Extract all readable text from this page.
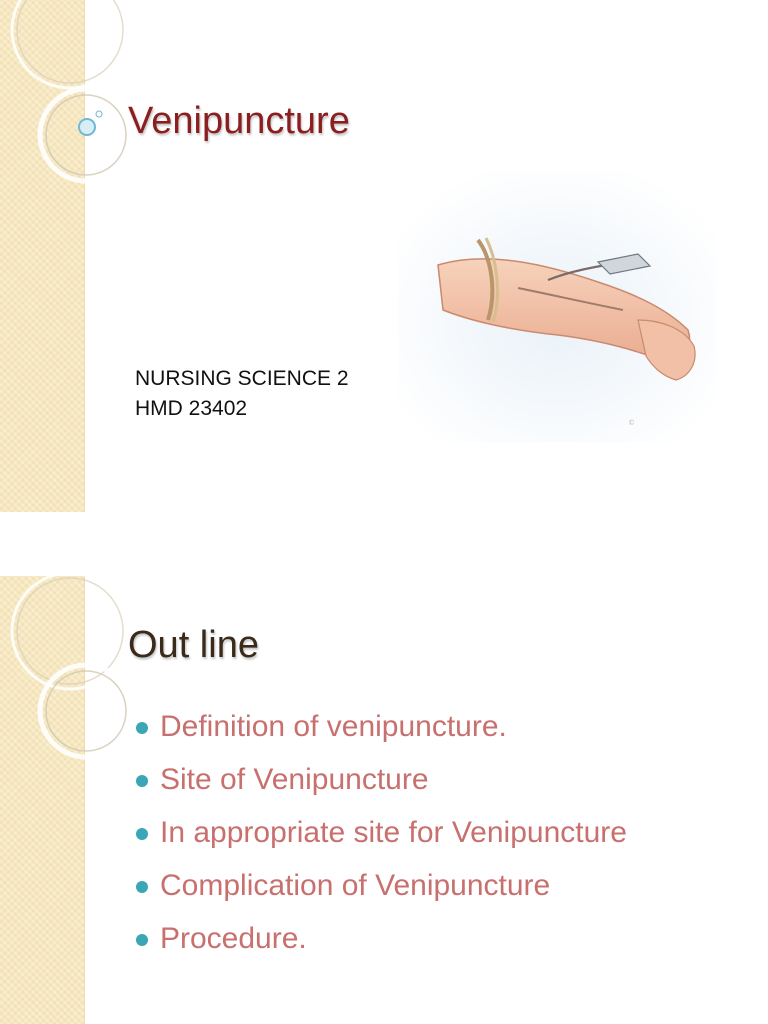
Venipuncture
NURSING SCIENCE 2
HMD 23402
©
Out line
Definition of venipuncture.
Site of Venipuncture
In appropriate site for Venipuncture
Complication of Venipuncture
Procedure.
